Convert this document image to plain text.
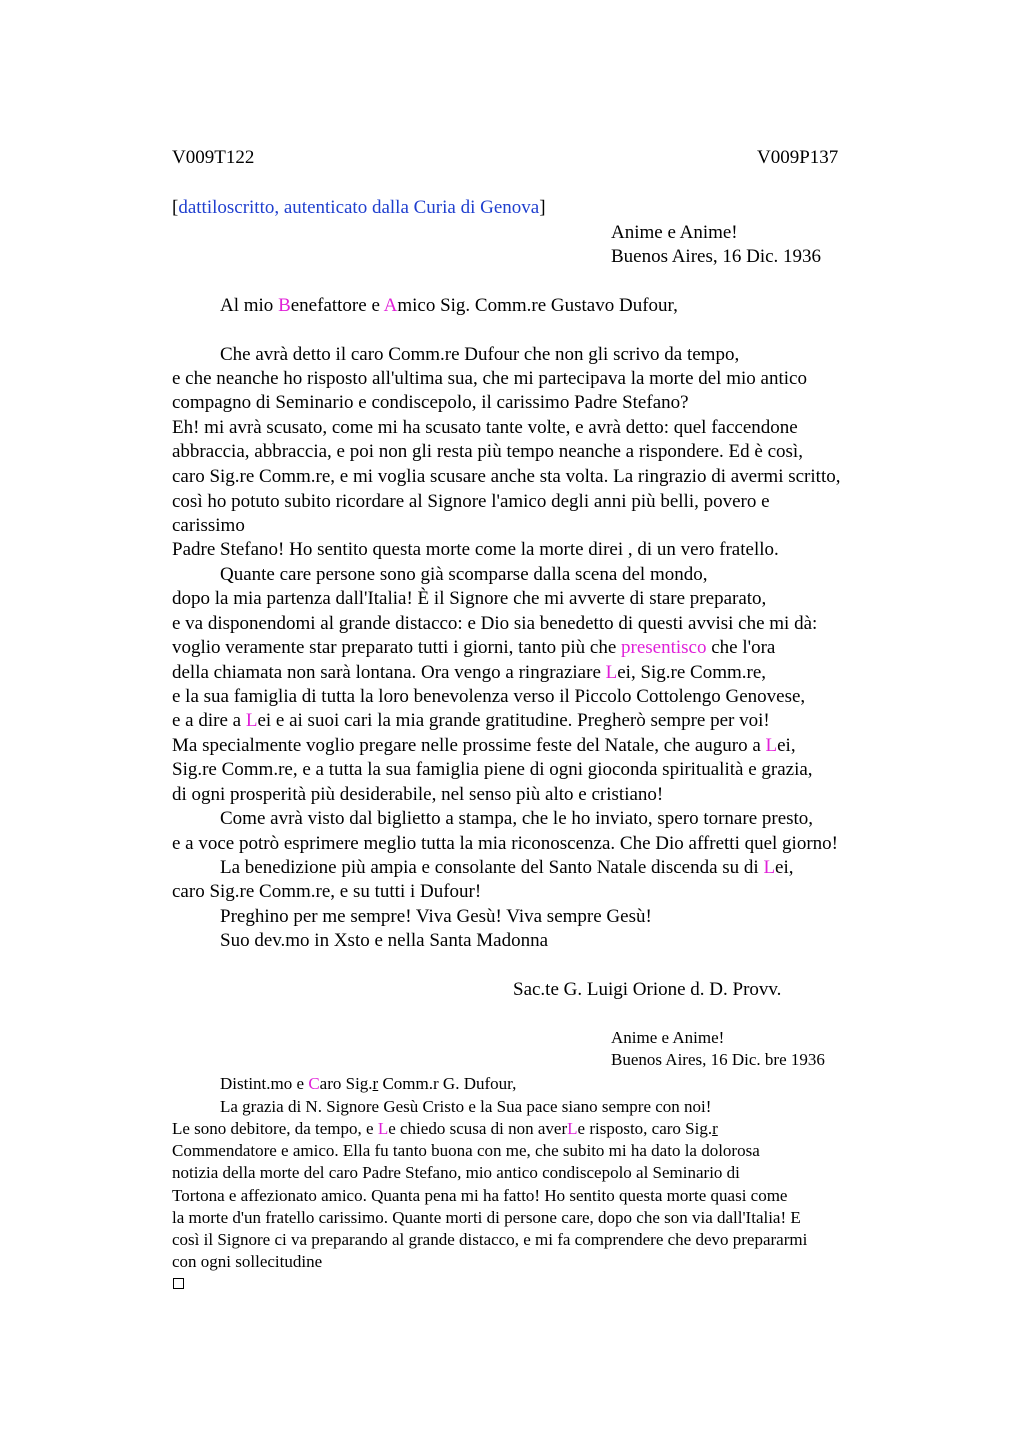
V009T122	V009P137
[dattiloscritto, autenticato dalla Curia di Genova]
Anime e Anime!
Buenos Aires, 16 Dic. 1936
Al mio Benefattore e Amico Sig. Comm.re Gustavo Dufour,
Che avrà detto il caro Comm.re Dufour che non gli scrivo da tempo,
e che neanche ho risposto all'ultima sua, che mi partecipava la morte del mio antico
compagno di Seminario e condiscepolo, il carissimo Padre Stefano?
Eh! mi avrà scusato, come mi ha scusato tante volte, e avrà detto: quel faccendone
abbraccia, abbraccia, e poi non gli resta più tempo neanche a rispondere. Ed è così,
caro Sig.re Comm.re, e mi voglia scusare anche sta volta. La ringrazio di avermi scritto,
così ho potuto subito ricordare al Signore l'amico degli anni più belli, povero e
carissimo
Padre Stefano! Ho sentito questa morte come la morte direi , di un vero fratello.
Quante care persone sono già scomparse dalla scena del mondo,
dopo la mia partenza dall'Italia! È il Signore che mi avverte di stare preparato,
e va disponendomi al grande distacco: e Dio sia benedetto di questi avvisi che mi dà:
voglio veramente star preparato tutti i giorni, tanto più che presentisco che l'ora
della chiamata non sarà lontana. Ora vengo a ringraziare Lei, Sig.re Comm.re,
e la sua famiglia di tutta la loro benevolenza verso il Piccolo Cottolengo Genovese,
e a dire a Lei e ai suoi cari la mia grande gratitudine. Pregherò sempre per voi!
Ma specialmente voglio pregare nelle prossime feste del Natale, che auguro a Lei,
Sig.re Comm.re, e a tutta la sua famiglia piene di ogni gioconda spiritualità e grazia,
di ogni prosperità più desiderabile, nel senso più alto e cristiano!
Come avrà visto dal biglietto a stampa, che le ho inviato, spero tornare presto,
e a voce potrò esprimere meglio tutta la mia riconoscenza. Che Dio affretti quel giorno!
La benedizione più ampia e consolante del Santo Natale discenda su di Lei,
caro Sig.re Comm.re, e su tutti i Dufour!
Preghino per me sempre! Viva Gesù! Viva sempre Gesù!
Suo dev.mo in Xsto e nella Santa Madonna
Sac.te G. Luigi Orione d. D. Provv.
Anime e Anime!
Buenos Aires, 16 Dic. bre 1936
Distint.mo e Caro Sig.r Comm.r G. Dufour,
La grazia di N. Signore Gesù Cristo e la Sua pace siano sempre con noi!
Le sono debitore, da tempo, e Le chiedo scusa di non averLe risposto, caro Sig.r
Commendatore e amico. Ella fu tanto buona con me, che subito mi ha dato la dolorosa
notizia della morte del caro Padre Stefano, mio antico condiscepolo al Seminario di
Tortona e affezionato amico. Quanta pena mi ha fatto! Ho sentito questa morte quasi come
la morte d'un fratello carissimo. Quante morti di persone care, dopo che son via dall'Italia! E
così il Signore ci va preparando al grande distacco, e mi fa comprendere che devo prepararmi
con ogni sollecitudine
